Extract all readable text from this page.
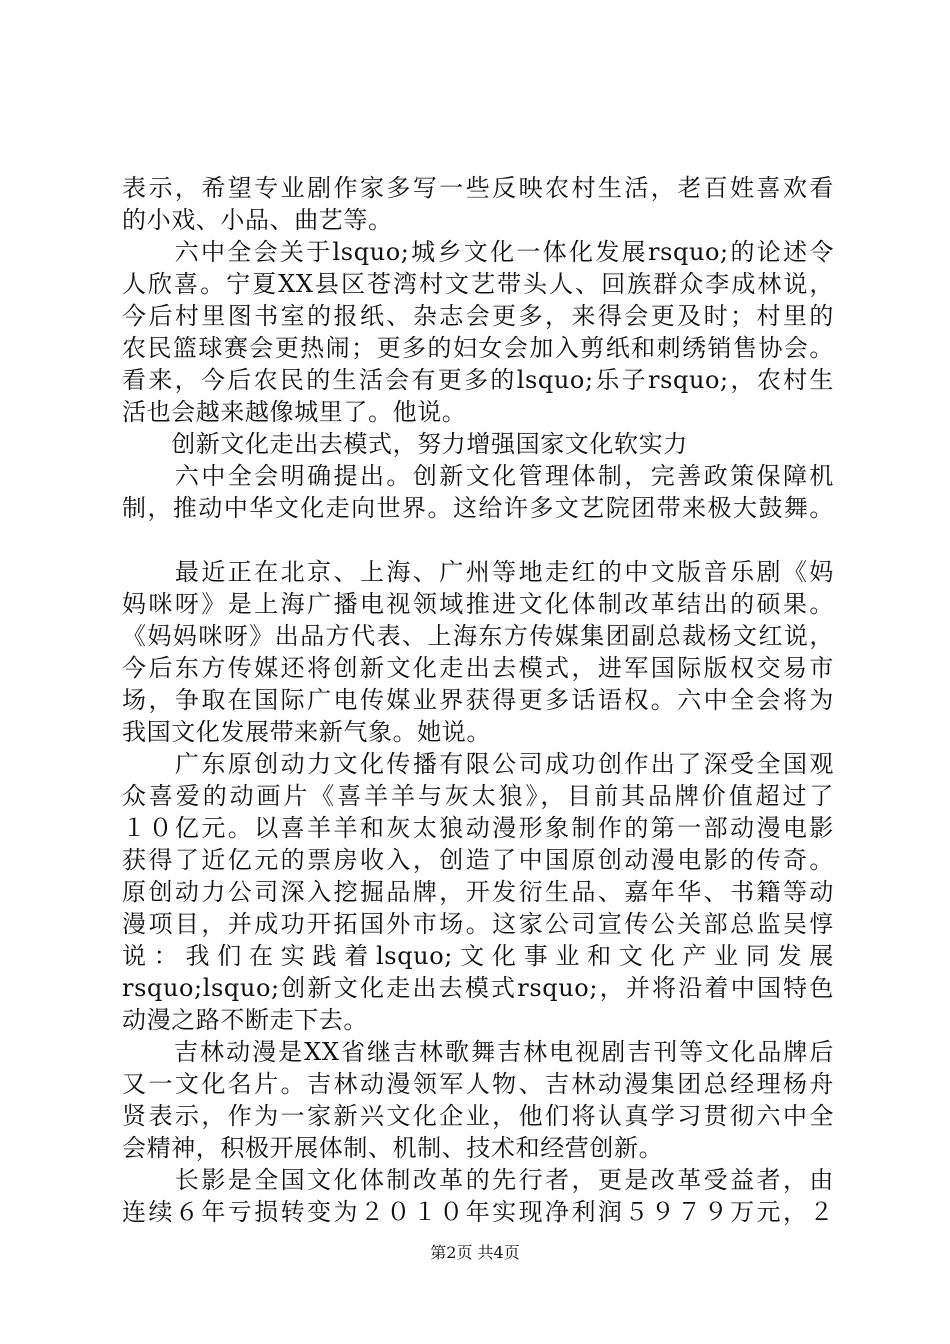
表示，希望专业剧作家多写一些反映农村生活，老百姓喜欢看
的小戏、小品、曲艺等。
　　六中全会关于lsquo;城乡文化一体化发展rsquo;的论述令
人欣喜。宁夏XX县区苍湾村文艺带头人、回族群众李成林说，
今后村里图书室的报纸、杂志会更多，来得会更及时；村里的
农民篮球赛会更热闹；更多的妇女会加入剪纸和刺绣销售协会。
看来，今后农民的生活会有更多的lsquo;乐子rsquo;，农村生
活也会越来越像城里了。他说。
　　创新文化走出去模式，努力增强国家文化软实力
　　六中全会明确提出。创新文化管理体制，完善政策保障机
制，推动中华文化走向世界。这给许多文艺院团带来极大鼓舞。
　　最近正在北京、上海、广州等地走红的中文版音乐剧《妈
妈咪呀》是上海广播电视领域推进文化体制改革结出的硕果。
《妈妈咪呀》出品方代表、上海东方传媒集团副总裁杨文红说，
今后东方传媒还将创新文化走出去模式，进军国际版权交易市
场，争取在国际广电传媒业界获得更多话语权。六中全会将为
我国文化发展带来新气象。她说。
　　广东原创动力文化传播有限公司成功创作出了深受全国观
众喜爱的动画片《喜羊羊与灰太狼》，目前其品牌价值超过了
１０亿元。以喜羊羊和灰太狼动漫形象制作的第一部动漫电影
获得了近亿元的票房收入，创造了中国原创动漫电影的传奇。
原创动力公司深入挖掘品牌，开发衍生品、嘉年华、书籍等动
漫项目，并成功开拓国外市场。这家公司宣传公关部总监吴惇
说：我们在实践着lsquo;文化事业和文化产业同发展
rsquo;lsquo;创新文化走出去模式rsquo;，并将沿着中国特色
动漫之路不断走下去。
　　吉林动漫是XX省继吉林歌舞吉林电视剧吉刊等文化品牌后
又一文化名片。吉林动漫领军人物、吉林动漫集团总经理杨舟
贤表示，作为一家新兴文化企业，他们将认真学习贯彻六中全
会精神，积极开展体制、机制、技术和经营创新。
　　长影是全国文化体制改革的先行者，更是改革受益者，由
连续６年亏损转变为２０１０年实现净利润５９７９万元，２
第2页 共4页
